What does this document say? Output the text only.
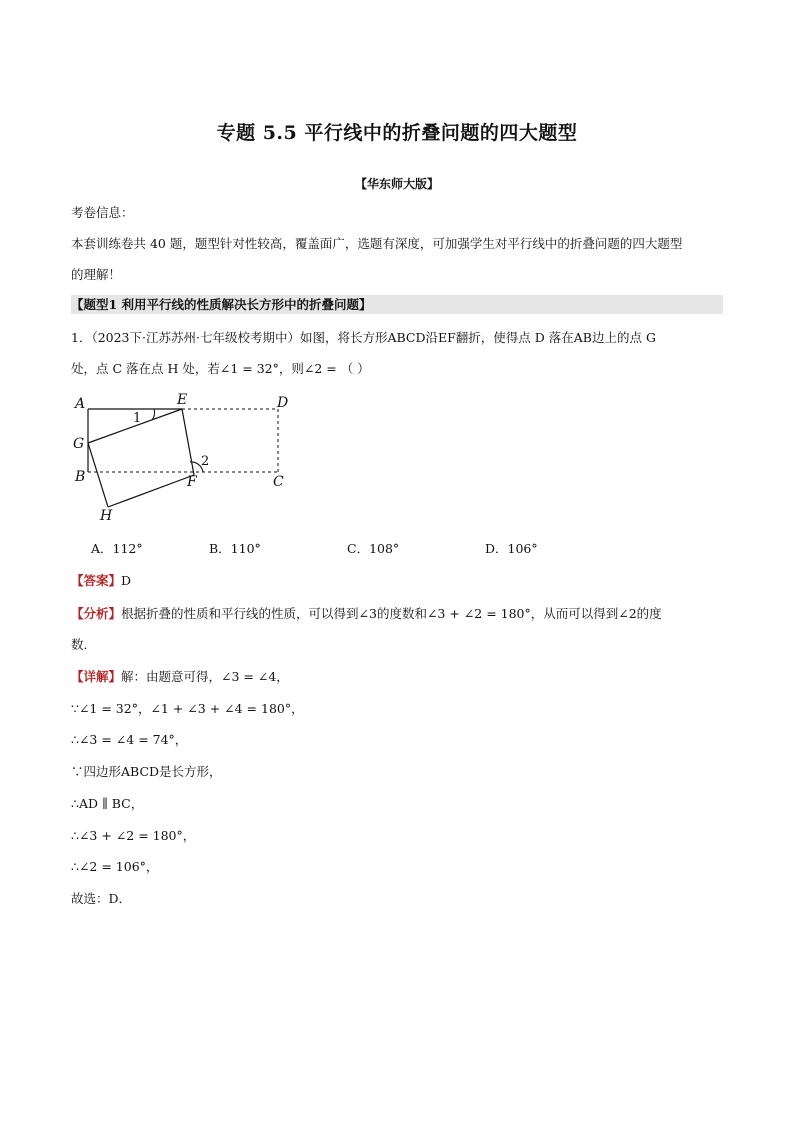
专题 5.5 平行线中的折叠问题的四大题型
【华东师大版】
考卷信息：
本套训练卷共 40 题，题型针对性较高，覆盖面广，选题有深度，可加强学生对平行线中的折叠问题的四大题型
的理解！
【题型1 利用平行线的性质解决长方形中的折叠问题】
1．（2023下·江苏苏州·七年级校考期中）如图，将长方形ABCD沿EF翻折，使得点 D 落在AB边上的点 G
处，点 C 落在点 H 处，若∠1 = 32°，则∠2 = （ ）
A	E	D
G
B	F	C
H
1
2
A．112°	B．110°	C．108°	D．106°
【答案】D
【分析】根据折叠的性质和平行线的性质，可以得到∠3的度数和∠3 + ∠2 = 180°，从而可以得到∠2的度
数．
【详解】解：由题意可得，∠3 = ∠4，
∵∠1 = 32°，∠1 + ∠3 + ∠4 = 180°，
∴∠3 = ∠4 = 74°，
∵四边形ABCD是长方形，
∴AD ∥ BC，
∴∠3 + ∠2 = 180°，
∴∠2 = 106°，
故选：D．
